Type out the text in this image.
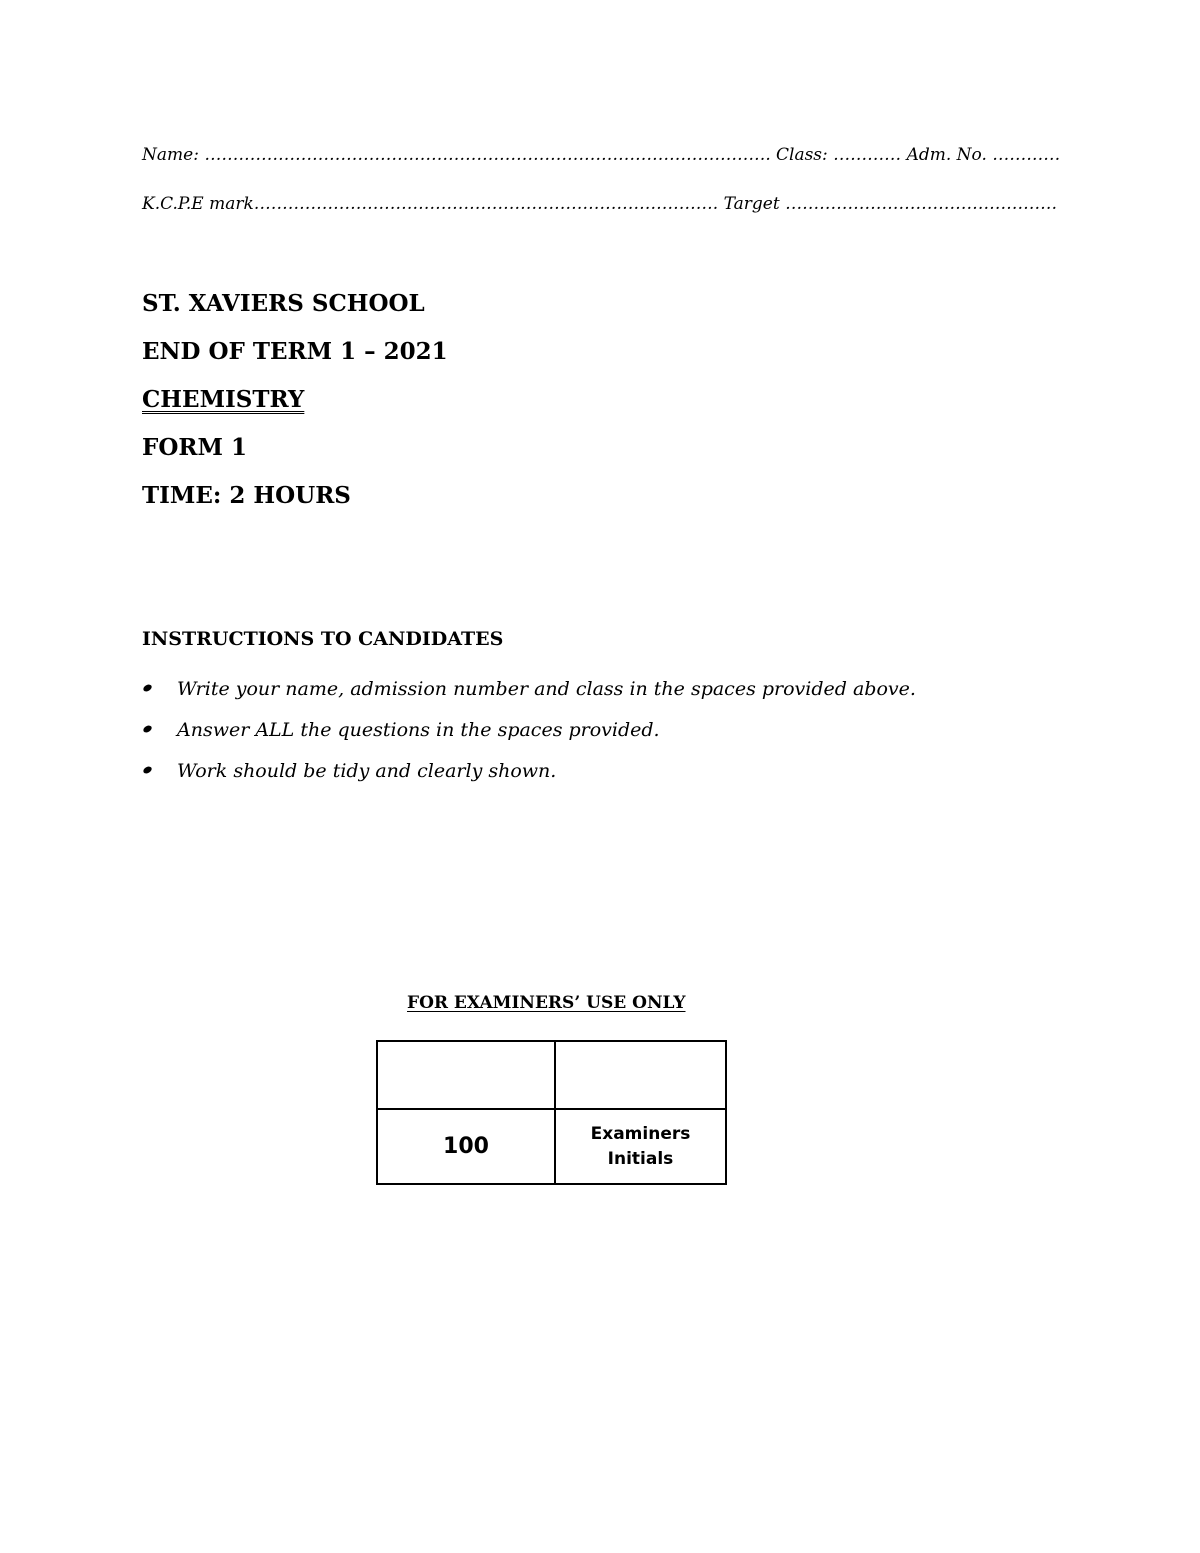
Name: ………………………………………………………………………………………. Class: ………… Adm. No. …………
K.C.P.E mark………………………………………………………………………. Target …………………………………………
ST. XAVIERS SCHOOL
END OF TERM 1 – 2021
CHEMISTRY
FORM 1
TIME: 2 HOURS
INSTRUCTIONS TO CANDIDATES
Write your name, admission number and class in the spaces provided above.
Answer ALL the questions in the spaces provided.
Work should be tidy and clearly shown.
FOR EXAMINERS’ USE ONLY
100
Examiners
Initials
